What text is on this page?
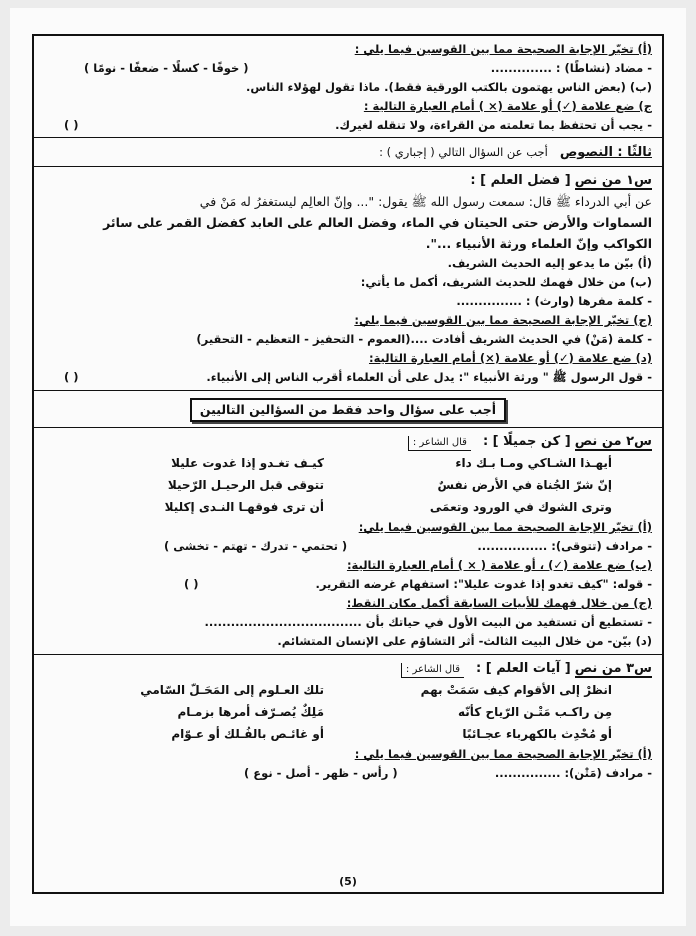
(أ) تخيّر الإجابة الصحيحة مما بين القوسين فيما يلي :
- مضاد (نشاطًا) : ..............
( خوفًا - كسلًا - ضعفًا - نومًا )
(ب) (بعض الناس يهتمون بالكتب الورقية فقط). ماذا تقول لهؤلاء الناس.
ج) ضع علامة (✓) أو علامة (× ) أمام العبارة التالية :
- يجب أن تحتفظ بما تعلمته من القراءة، ولا تنقله لغيرك.
( )
ثالثًا : النصوص   أجب عن السؤال التالي ( إجباري ) :
س١ من نص [ فضل العلم ] :
عن أبي الدرداء ﷺ قال: سمعت رسول الله ﷺ يقول: "... وإنّ العالِم ليستغفرُ له مَنْ في
السماوات والأرض حتى الحيتان في الماء، وفضل العالم على العابد كفضل القمر على سائر
الكواكب وإنّ العلماء ورثة الأنبياء ...".
(أ) بيّن ما يدعو إليه الحديث الشريف.
(ب) من خلال فهمك للحديث الشريف، أكمل ما يأتي:
- كلمة مفرها (وارث) : ...............
(ج) تخيّر الإجابة الصحيحة مما بين القوسين فيما يلي:
- كلمة (مَنْ) في الحديث الشريف أفادت ....(العموم - التحفيز - التعظيم - التحقير)
(د) ضع علامة (✓) أو علامة (×) أمام العبارة التالية:
- قول الرسول ﷺ " ورثة الأنبياء ": يدل على أن العلماء أقرب الناس إلى الأنبياء.
( )
أجب على سؤال واحد فقط من السؤالين التاليين
س٢ من نص [ كن جميلًا ] : قال الشاعر :
أيهـذا الشـاكي ومـا بـك داء
كيـف تغـدو إذا غدوت عليلا
إنّ شرّ الجُناة في الأرض نفسٌ
تتوقى قبل الرحيـل الرّحيلا
وترى الشوك في الورود وتعمَى
أن ترى فوقهـا النـدى إكليلا
(أ) تخيّر الإجابة الصحيحة مما بين القوسين فيما يلي:
- مرادف (تتوقى): ................
( تحتمي - تدرك - تهتم - تخشى )
(ب) ضع علامة (✓) ، أو علامة ( × ) أمام العبارة التالية:
- قوله: "كيف تغدو إذا غدوت عليلا": استفهام غرضه التقرير.
( )
(ج) من خلال فهمك للأبيات السابقة أكمل مكان النقط:
- تستطيع أن تستفيد من البيت الأول في حياتك بأن ....................................
(د) بيّن- من خلال البيت الثالث- أثر التشاؤم على الإنسان المتشائم.
س٣ من نص [ آيات العلم ] : قال الشاعر :
انظرْ إلى الأقوام كيف سَمَتْ بهم
تلك العـلوم إلى المَحَـلّ السّامي
مِن راكـب مَتْـن الرّياح كأنّه
مَلِكٌ يُصـرّف أمرها بزمـام
أو مُحْدِث بالكهرباء عجـائبًا
أو غائـص بالفُـلك أو عـوّام
(أ) تخيّر الإجابة الصحيحة مما بين القوسين فيما يلي :
- مرادف (مَتْن): ...............
( رأس - ظهر - أصل - نوع )
(5)
